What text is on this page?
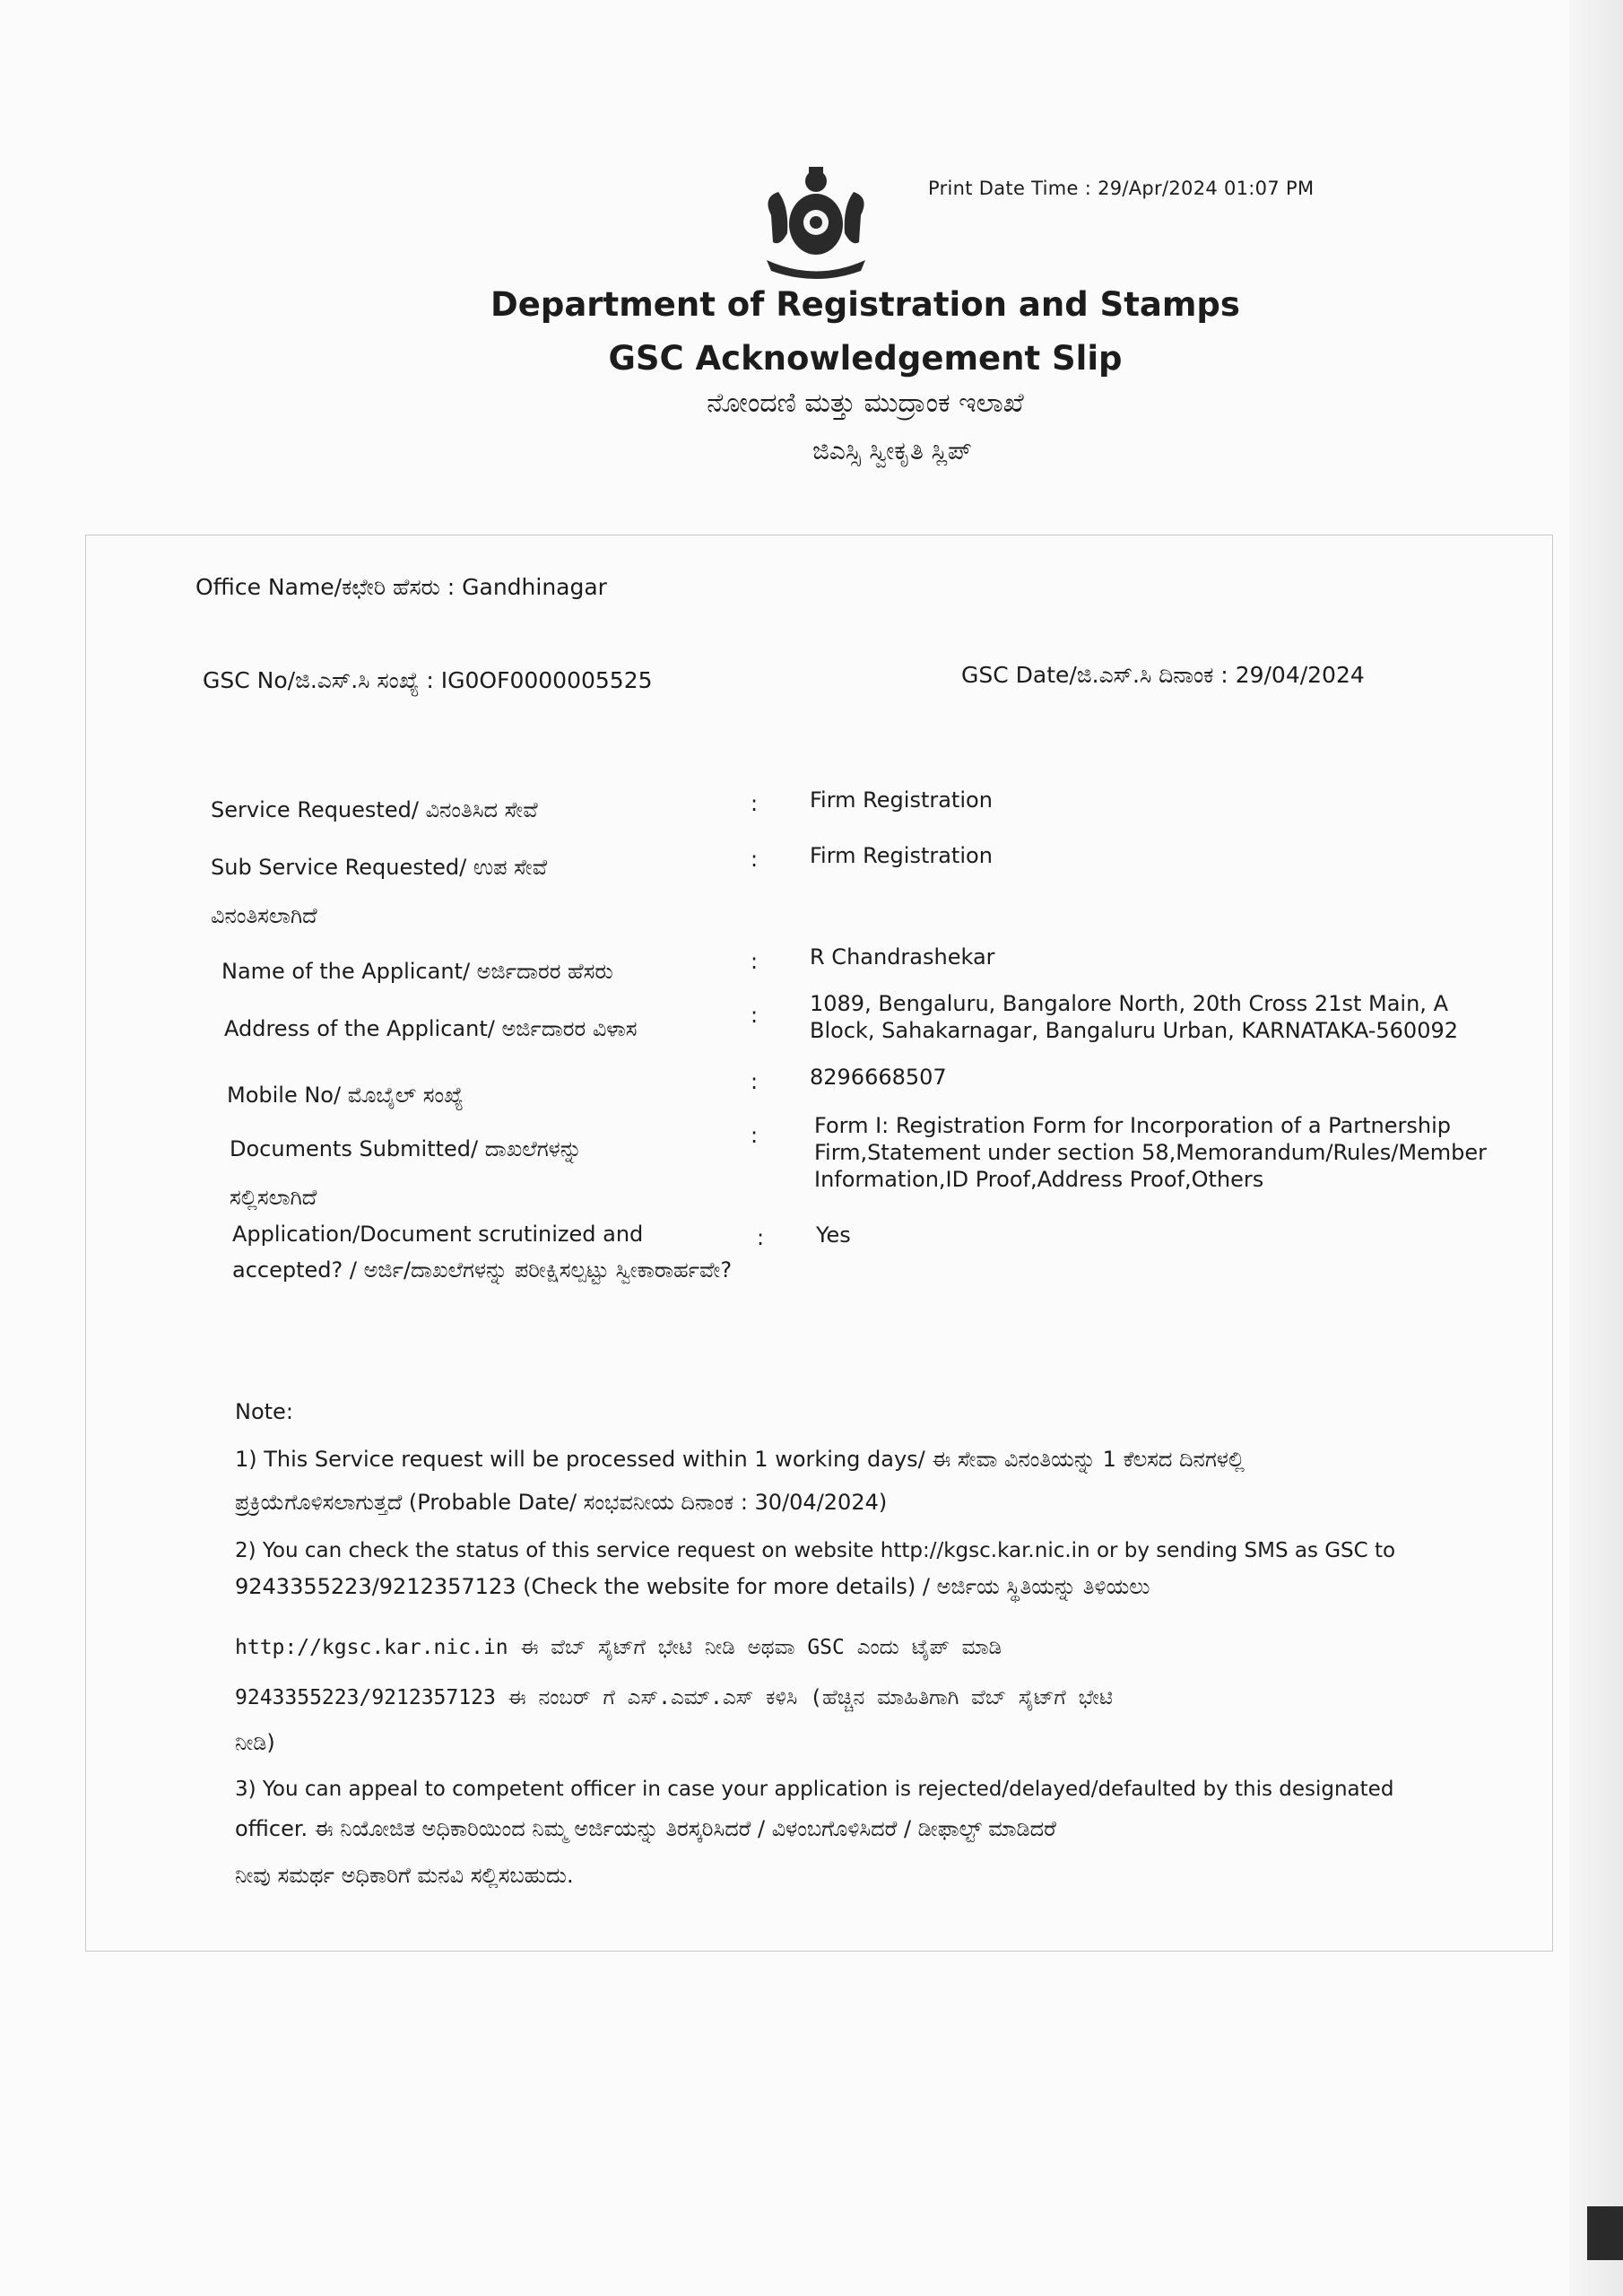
Print Date Time : 29/Apr/2024 01:07 PM
Department of Registration and Stamps
GSC Acknowledgement Slip
ನೋಂದಣಿ ಮತ್ತು ಮುದ್ರಾಂಕ ಇಲಾಖೆ
ಜಿಎಸ್ಸಿ ಸ್ವೀಕೃತಿ ಸ್ಲಿಪ್
Office Name/ಕಛೇರಿ ಹೆಸರು : Gandhinagar
GSC No/ಜಿ.ಎಸ್.ಸಿ ಸಂಖ್ಯೆ : IG0OF0000005525	GSC Date/ಜಿ.ಎಸ್.ಸಿ ದಿನಾಂಕ : 29/04/2024
Service Requested/ ವಿನಂತಿಸಿದ ಸೇವೆ	: Firm Registration
Sub Service Requested/ ಉಪ ಸೇವೆ ವಿನಂತಿಸಲಾಗಿದೆ
: Firm Registration
Name of the Applicant/ ಅರ್ಜಿದಾರರ ಹೆಸರು	: R Chandrashekar
Address of the Applicant/ ಅರ್ಜಿದಾರರ ವಿಳಾಸ
: 1089, Bengaluru, Bangalore North, 20th Cross 21st Main, A Block, Sahakarnagar, Bangaluru Urban, KARNATAKA-560092
Mobile No/ ಮೊಬೈಲ್ ಸಂಖ್ಯೆ
: 8296668507
Documents Submitted/ ದಾಖಲೆಗಳನ್ನು ಸಲ್ಲಿಸಲಾಗಿದೆ
:	Form I: Registration Form for Incorporation of a Partnership Firm,Statement under section 58,Memorandum/Rules/Member Information,ID Proof,Address Proof,Others
Application/Document scrutinized and accepted? / ಅರ್ಜಿ/ದಾಖಲೆಗಳನ್ನು ಪರೀಕ್ಷಿಸಲ್ಪಟ್ಟು ಸ್ವೀಕಾರಾರ್ಹವೇ?
: Yes
Note:
1) This Service request will be processed within 1 working days/ ಈ ಸೇವಾ ವಿನಂತಿಯನ್ನು 1 ಕೆಲಸದ ದಿನಗಳಲ್ಲಿ
ಪ್ರಕ್ರಿಯೆಗೊಳಿಸಲಾಗುತ್ತದೆ (Probable Date/ ಸಂಭವನೀಯ ದಿನಾಂಕ : 30/04/2024)
2) You can check the status of this service request on website http://kgsc.kar.nic.in or by sending SMS as GSC to
9243355223/9212357123 (Check the website for more details) / ಅರ್ಜಿಯ ಸ್ಥಿತಿಯನ್ನು ತಿಳಿಯಲು
http://kgsc.kar.nic.in ಈ ವೆಬ್ ಸೈಟ್‌ಗೆ ಭೇಟಿ ನೀಡಿ ಅಥವಾ GSC ಎಂದು ಟೈಪ್ ಮಾಡಿ
9243355223/9212357123 ಈ ನಂಬರ್ ಗೆ ಎಸ್.ಎಮ್.ಎಸ್ ಕಳಿಸಿ (ಹೆಚ್ಚಿನ ಮಾಹಿತಿಗಾಗಿ ವೆಬ್ ಸೈಟ್‌ಗೆ ಭೇಟಿ
ನೀಡಿ)
3) You can appeal to competent officer in case your application is rejected/delayed/defaulted by this designated
officer. ಈ ನಿಯೋಜಿತ ಅಧಿಕಾರಿಯಿಂದ ನಿಮ್ಮ ಅರ್ಜಿಯನ್ನು ತಿರಸ್ಕರಿಸಿದರೆ / ವಿಳಂಬಗೊಳಿಸಿದರೆ / ಡೀಫಾಲ್ಟ್ ಮಾಡಿದರೆ
ನೀವು ಸಮರ್ಥ ಅಧಿಕಾರಿಗೆ ಮನವಿ ಸಲ್ಲಿಸಬಹುದು.
